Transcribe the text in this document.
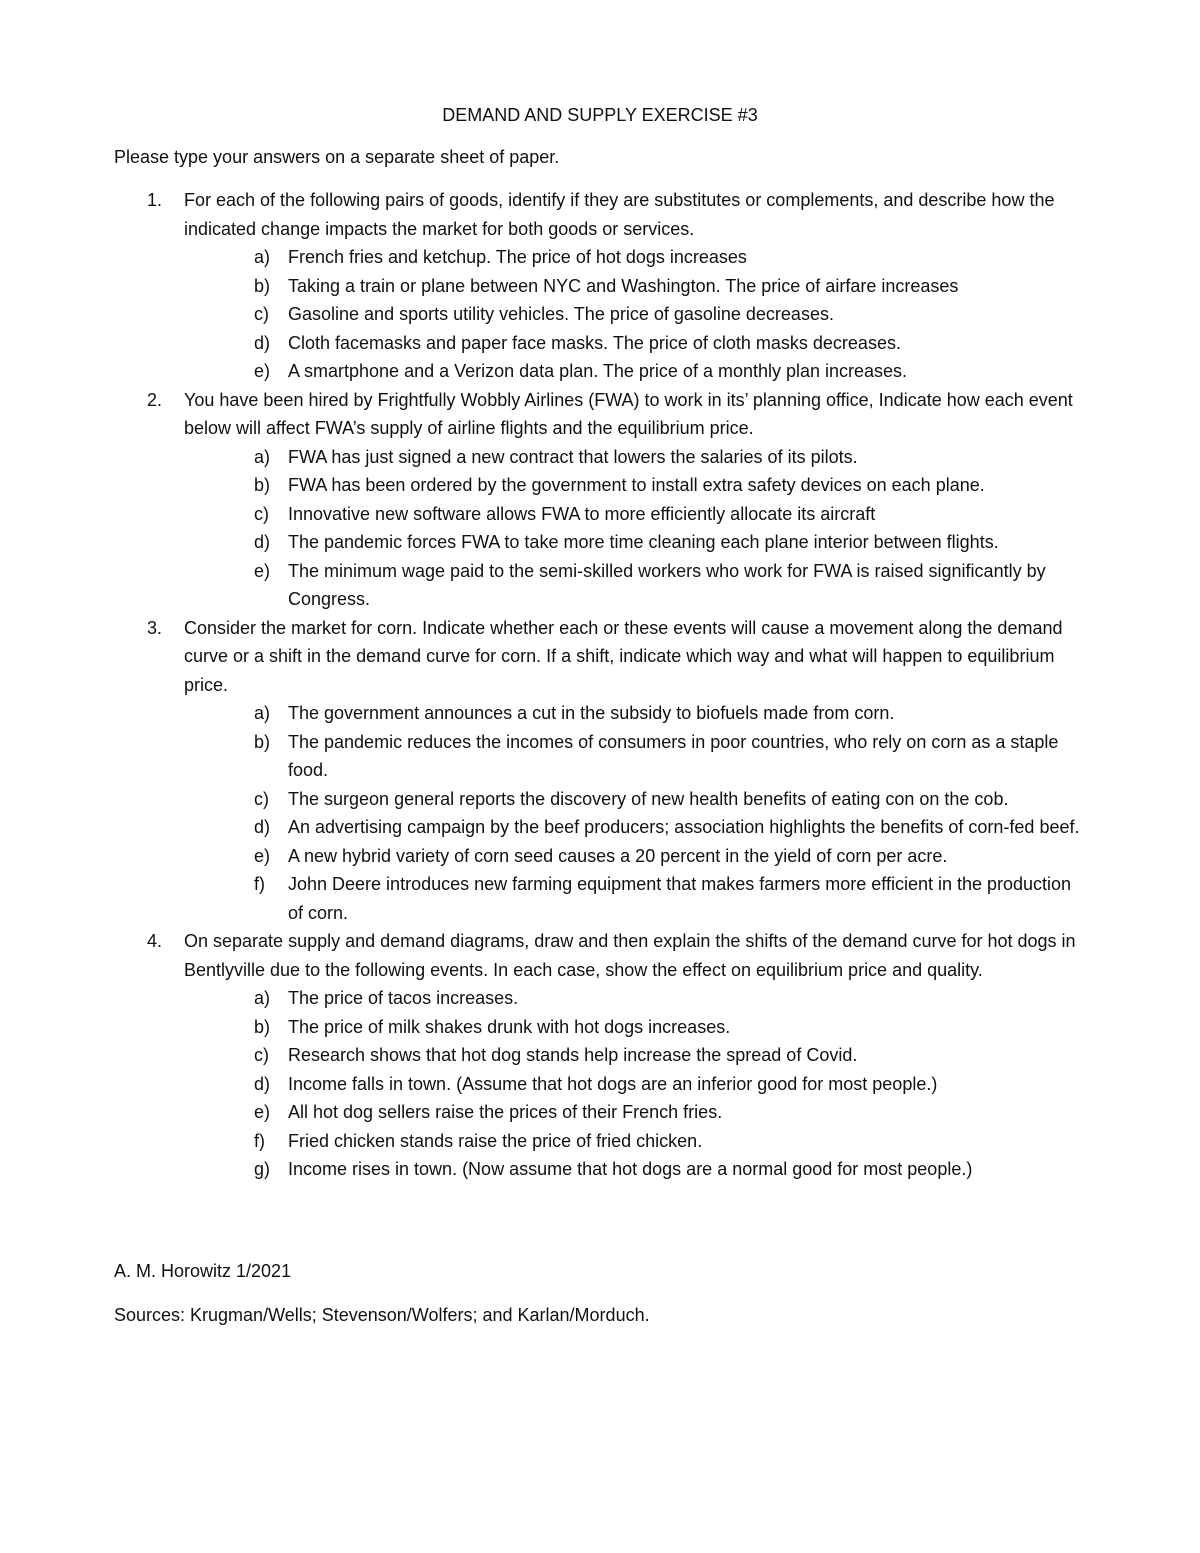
DEMAND AND SUPPLY EXERCISE #3

Please type your answers on a separate sheet of paper.

1. For each of the following pairs of goods, identify if they are substitutes or complements, and describe how the indicated change impacts the market for both goods or services.
a) French fries and ketchup. The price of hot dogs increases
b) Taking a train or plane between NYC and Washington. The price of airfare increases
c) Gasoline and sports utility vehicles. The price of gasoline decreases.
d) Cloth facemasks and paper face masks. The price of cloth masks decreases.
e) A smartphone and a Verizon data plan. The price of a monthly plan increases.
2. You have been hired by Frightfully Wobbly Airlines (FWA) to work in its’ planning office, Indicate how each event below will affect FWA’s supply of airline flights and the equilibrium price.
a) FWA has just signed a new contract that lowers the salaries of its pilots.
b) FWA has been ordered by the government to install extra safety devices on each plane.
c) Innovative new software allows FWA to more efficiently allocate its aircraft
d) The pandemic forces FWA to take more time cleaning each plane interior between flights.
e) The minimum wage paid to the semi-skilled workers who work for FWA is raised significantly by Congress.
3. Consider the market for corn. Indicate whether each or these events will cause a movement along the demand curve or a shift in the demand curve for corn. If a shift, indicate which way and what will happen to equilibrium price.
a) The government announces a cut in the subsidy to biofuels made from corn.
b) The pandemic reduces the incomes of consumers in poor countries, who rely on corn as a staple food.
c) The surgeon general reports the discovery of new health benefits of eating con on the cob.
d) An advertising campaign by the beef producers; association highlights the benefits of corn-fed beef.
e) A new hybrid variety of corn seed causes a 20 percent in the yield of corn per acre.
f) John Deere introduces new farming equipment that makes farmers more efficient in the production of corn.
4. On separate supply and demand diagrams, draw and then explain the shifts of the demand curve for hot dogs in Bentlyville due to the following events. In each case, show the effect on equilibrium price and quality.
a) The price of tacos increases.
b) The price of milk shakes drunk with hot dogs increases.
c) Research shows that hot dog stands help increase the spread of Covid.
d) Income falls in town. (Assume that hot dogs are an inferior good for most people.)
e) All hot dog sellers raise the prices of their French fries.
f) Fried chicken stands raise the price of fried chicken.
g) Income rises in town. (Now assume that hot dogs are a normal good for most people.)

A. M. Horowitz 1/2021

Sources: Krugman/Wells; Stevenson/Wolfers; and Karlan/Morduch.
